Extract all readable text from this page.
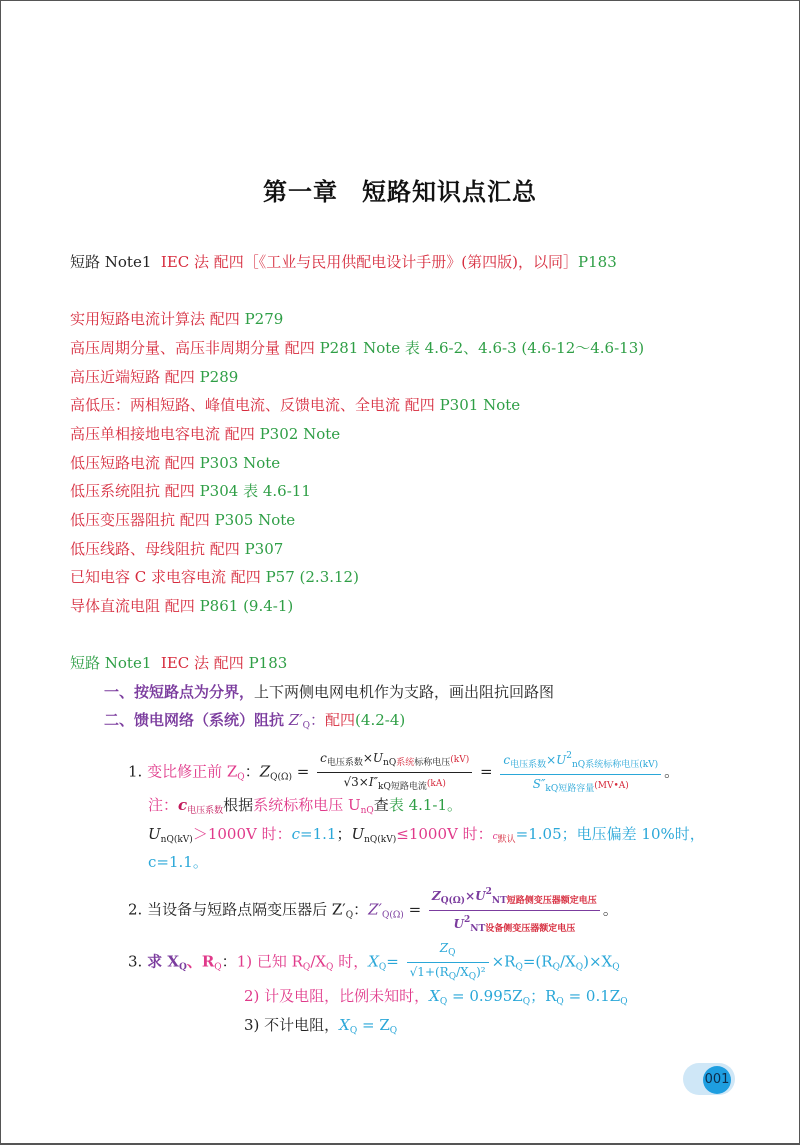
第一章 短路知识点汇总
短路 Note1 IEC 法 配四［《工业与民用供配电设计手册》(第四版)，以同］P183
实用短路电流计算法 配四 P279
高压周期分量、高压非周期分量 配四 P281 Note 表 4.6-2、4.6-3 (4.6-12～4.6-13)
高压近端短路 配四 P289
高低压：两相短路、峰值电流、反馈电流、全电流 配四 P301 Note
高压单相接地电容电流 配四 P302 Note
低压短路电流 配四 P303 Note
低压系统阻抗 配四 P304 表 4.6-11
低压变压器阻抗 配四 P305 Note
低压线路、母线阻抗 配四 P307
已知电容 C 求电容电流 配四 P57 (2.3.12)
导体直流电阻 配四 P861 (9.4-1)
短路 Note1 IEC 法 配四 P183
一、按短路点为分界，上下两侧电网电机作为支路，画出阻抗回路图
二、馈电网络（系统）阻抗 $Z'_Q$：配四(4.2-4)
1. 变比修正前 $Z_Q$：$Z_{Q(\Omega)} = \frac{c_{电压系数}\times U_{nQ系统标称电压}(kV)}{√3\times I''_{kQ短路电流}(kA)} = \frac{c_{电压系数}\times U^2_{nQ系统标称电压(kV)}}{S''_{kQ短路容量}(MV•A)}$ 。
注：$c_{电压系数}$根据系统标称电压 $U_{nQ}$查表 4.1-1。
$U_{nQ(kV)}>1000V$ 时：c=1.1；$U_{nQ(kV)}\le 1000V$ 时：$c_{默认}=1.05$；电压偏差 10%时，
c=1.1。
2. 当设备与短路点隔变压器后 $Z'_Q$：$Z'_{Q(\Omega)} = \frac{Z_{Q(\Omega)}\times U^2_{NT短路侧变压器额定电压}}{U^2_{NT设备侧变压器额定电压}}$ 。
3. 求 $X_Q$、$R_Q$：1) 已知 $R_Q/X_Q$ 时，$X_Q= \frac{Z_Q}{√1+(R_Q/X_Q)^2} \times R_Q=(R_Q/X_Q)\times X_Q$
2) 计及电阻，比例未知时，$X_Q = 0.995Z_Q$；$R_Q = 0.1Z_Q$
3) 不计电阻，$X_Q = Z_Q$
001
